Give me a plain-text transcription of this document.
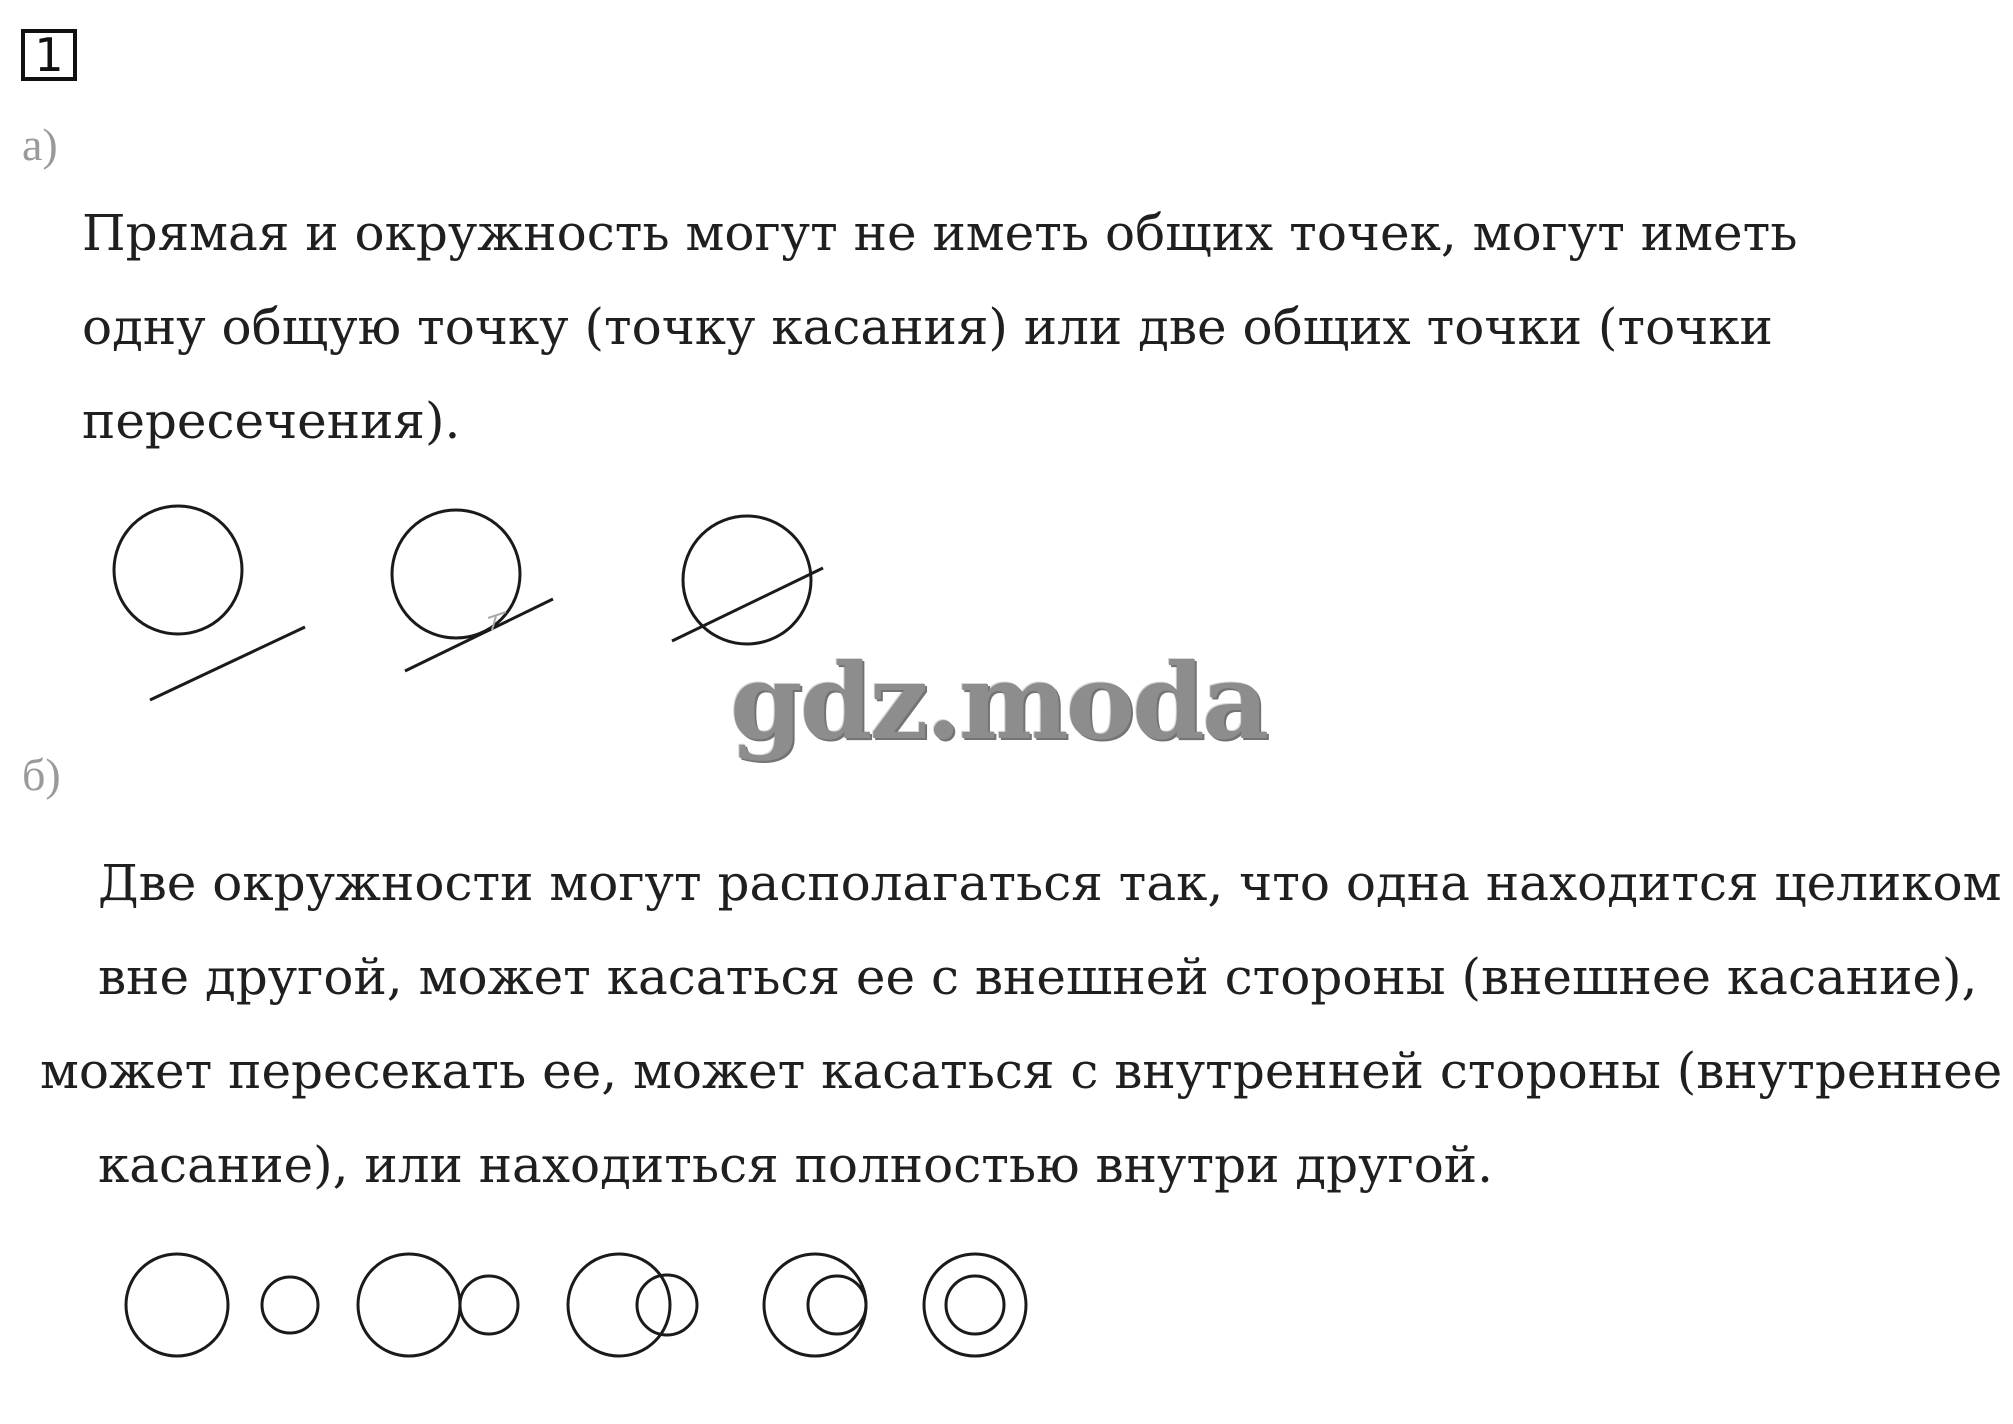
1
а)
Прямая и окружность могут не иметь общих точек, могут иметь
одну общую точку (точку касания) или две общих точки (точки
пересечения).
gdz.moda
б)
Две окружности могут располагаться так, что одна находится целиком
вне другой, может касаться ее с внешней стороны (внешнее касание),
может пересекать ее, может касаться с внутренней стороны (внутреннее
касание), или находиться полностью внутри другой.
